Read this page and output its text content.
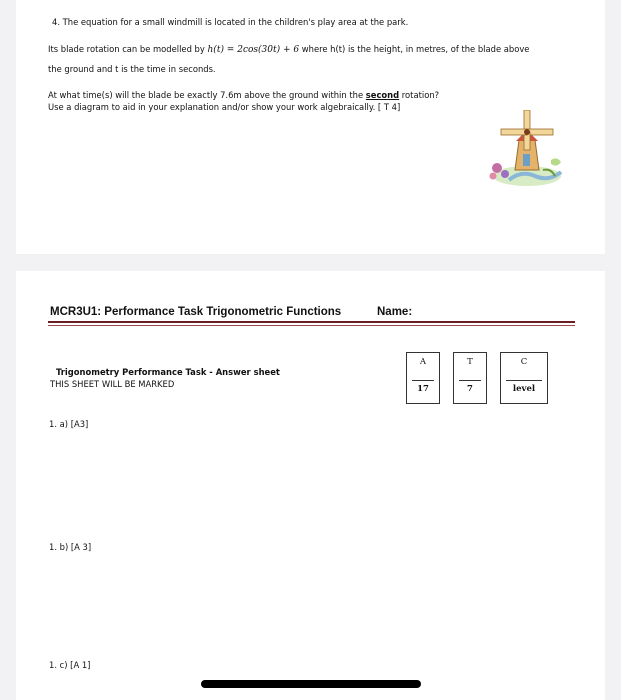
4. The equation for a small windmill is located in the children's play area at the park.
Its blade rotation can be modelled by h(t) = 2cos(30t) + 6 where h(t) is the height, in metres, of the blade above
the ground and t is the time in seconds.
At what time(s) will the blade be exactly 7.6m above the ground within the second rotation?
Use a diagram to aid in your explanation and/or show your work algebraically. [ T 4]
MCR3U1: Performance Task Trigonometric Functions	Name:
Trigonometry Performance Task - Answer sheet
THIS SHEET WILL BE MARKED
A
17
T
7
C
level
1. a) [A3]
1. b) [A 3]
1. c) [A 1]
